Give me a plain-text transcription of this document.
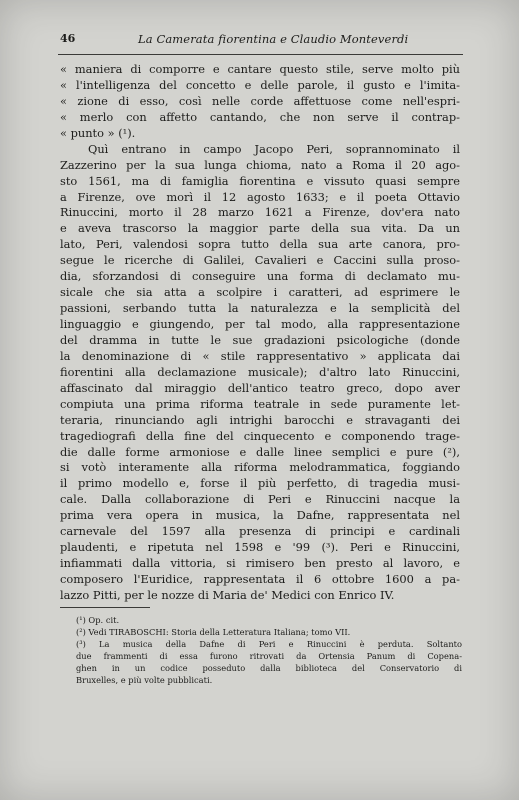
46	La Camerata fiorentina e Claudio Monteverdi
« maniera di comporre e cantare questo stile, serve molto più
« l'intelligenza del concetto e delle parole, il gusto e l'imita-
« zione di esso, così nelle corde affettuose come nell'espri-
« merlo con affetto cantando, che non serve il contrap-
« punto » (¹).
Quì entrano in campo Jacopo Peri, soprannominato il
Zazzerino per la sua lunga chioma, nato a Roma il 20 ago-
sto 1561, ma di famiglia fiorentina e vissuto quasi sempre
a Firenze, ove morì il 12 agosto 1633; e il poeta Ottavio
Rinuccini, morto il 28 marzo 1621 a Firenze, dov'era nato
e aveva trascorso la maggior parte della sua vita. Da un
lato, Peri, valendosi sopra tutto della sua arte canora, pro-
segue le ricerche di Galilei, Cavalieri e Caccini sulla proso-
dia, sforzandosi di conseguire una forma di declamato mu-
sicale che sia atta a scolpire i caratteri, ad esprimere le
passioni, serbando tutta la naturalezza e la semplicità del
linguaggio e giungendo, per tal modo, alla rappresentazione
del dramma in tutte le sue gradazioni psicologiche (donde
la denominazione di « stile rappresentativo » applicata dai
fiorentini alla declamazione musicale); d'altro lato Rinuccini,
affascinato dal miraggio dell'antico teatro greco, dopo aver
compiuta una prima riforma teatrale in sede puramente let-
teraria, rinunciando agli intrighi barocchi e stravaganti dei
tragediografi della fine del cinquecento e componendo trage-
die dalle forme armoniose e dalle linee semplici e pure (²),
si votò interamente alla riforma melodrammatica, foggiando
il primo modello e, forse il più perfetto, di tragedia musi-
cale. Dalla collaborazione di Peri e Rinuccini nacque la
prima vera opera in musica, la Dafne, rappresentata nel
carnevale del 1597 alla presenza di principi e cardinali
plaudenti, e ripetuta nel 1598 e '99 (³). Peri e Rinuccini,
infiammati dalla vittoria, si rimisero ben presto al lavoro, e
composero l'Euridice, rappresentata il 6 ottobre 1600 a pa-
lazzo Pitti, per le nozze di Maria de' Medici con Enrico IV.
(¹) Op. cit.
(²) Vedi TIRABOSCHI: Storia della Letteratura Italiana; tomo VII.
(³) La musica della Dafne di Peri e Rinuccini è perduta. Soltanto
due frammenti di essa furono ritrovati da Ortensia Panum di Copena-
ghen in un codice posseduto dalla biblioteca del Conservatorio di
Bruxelles, e più volte pubblicati.
